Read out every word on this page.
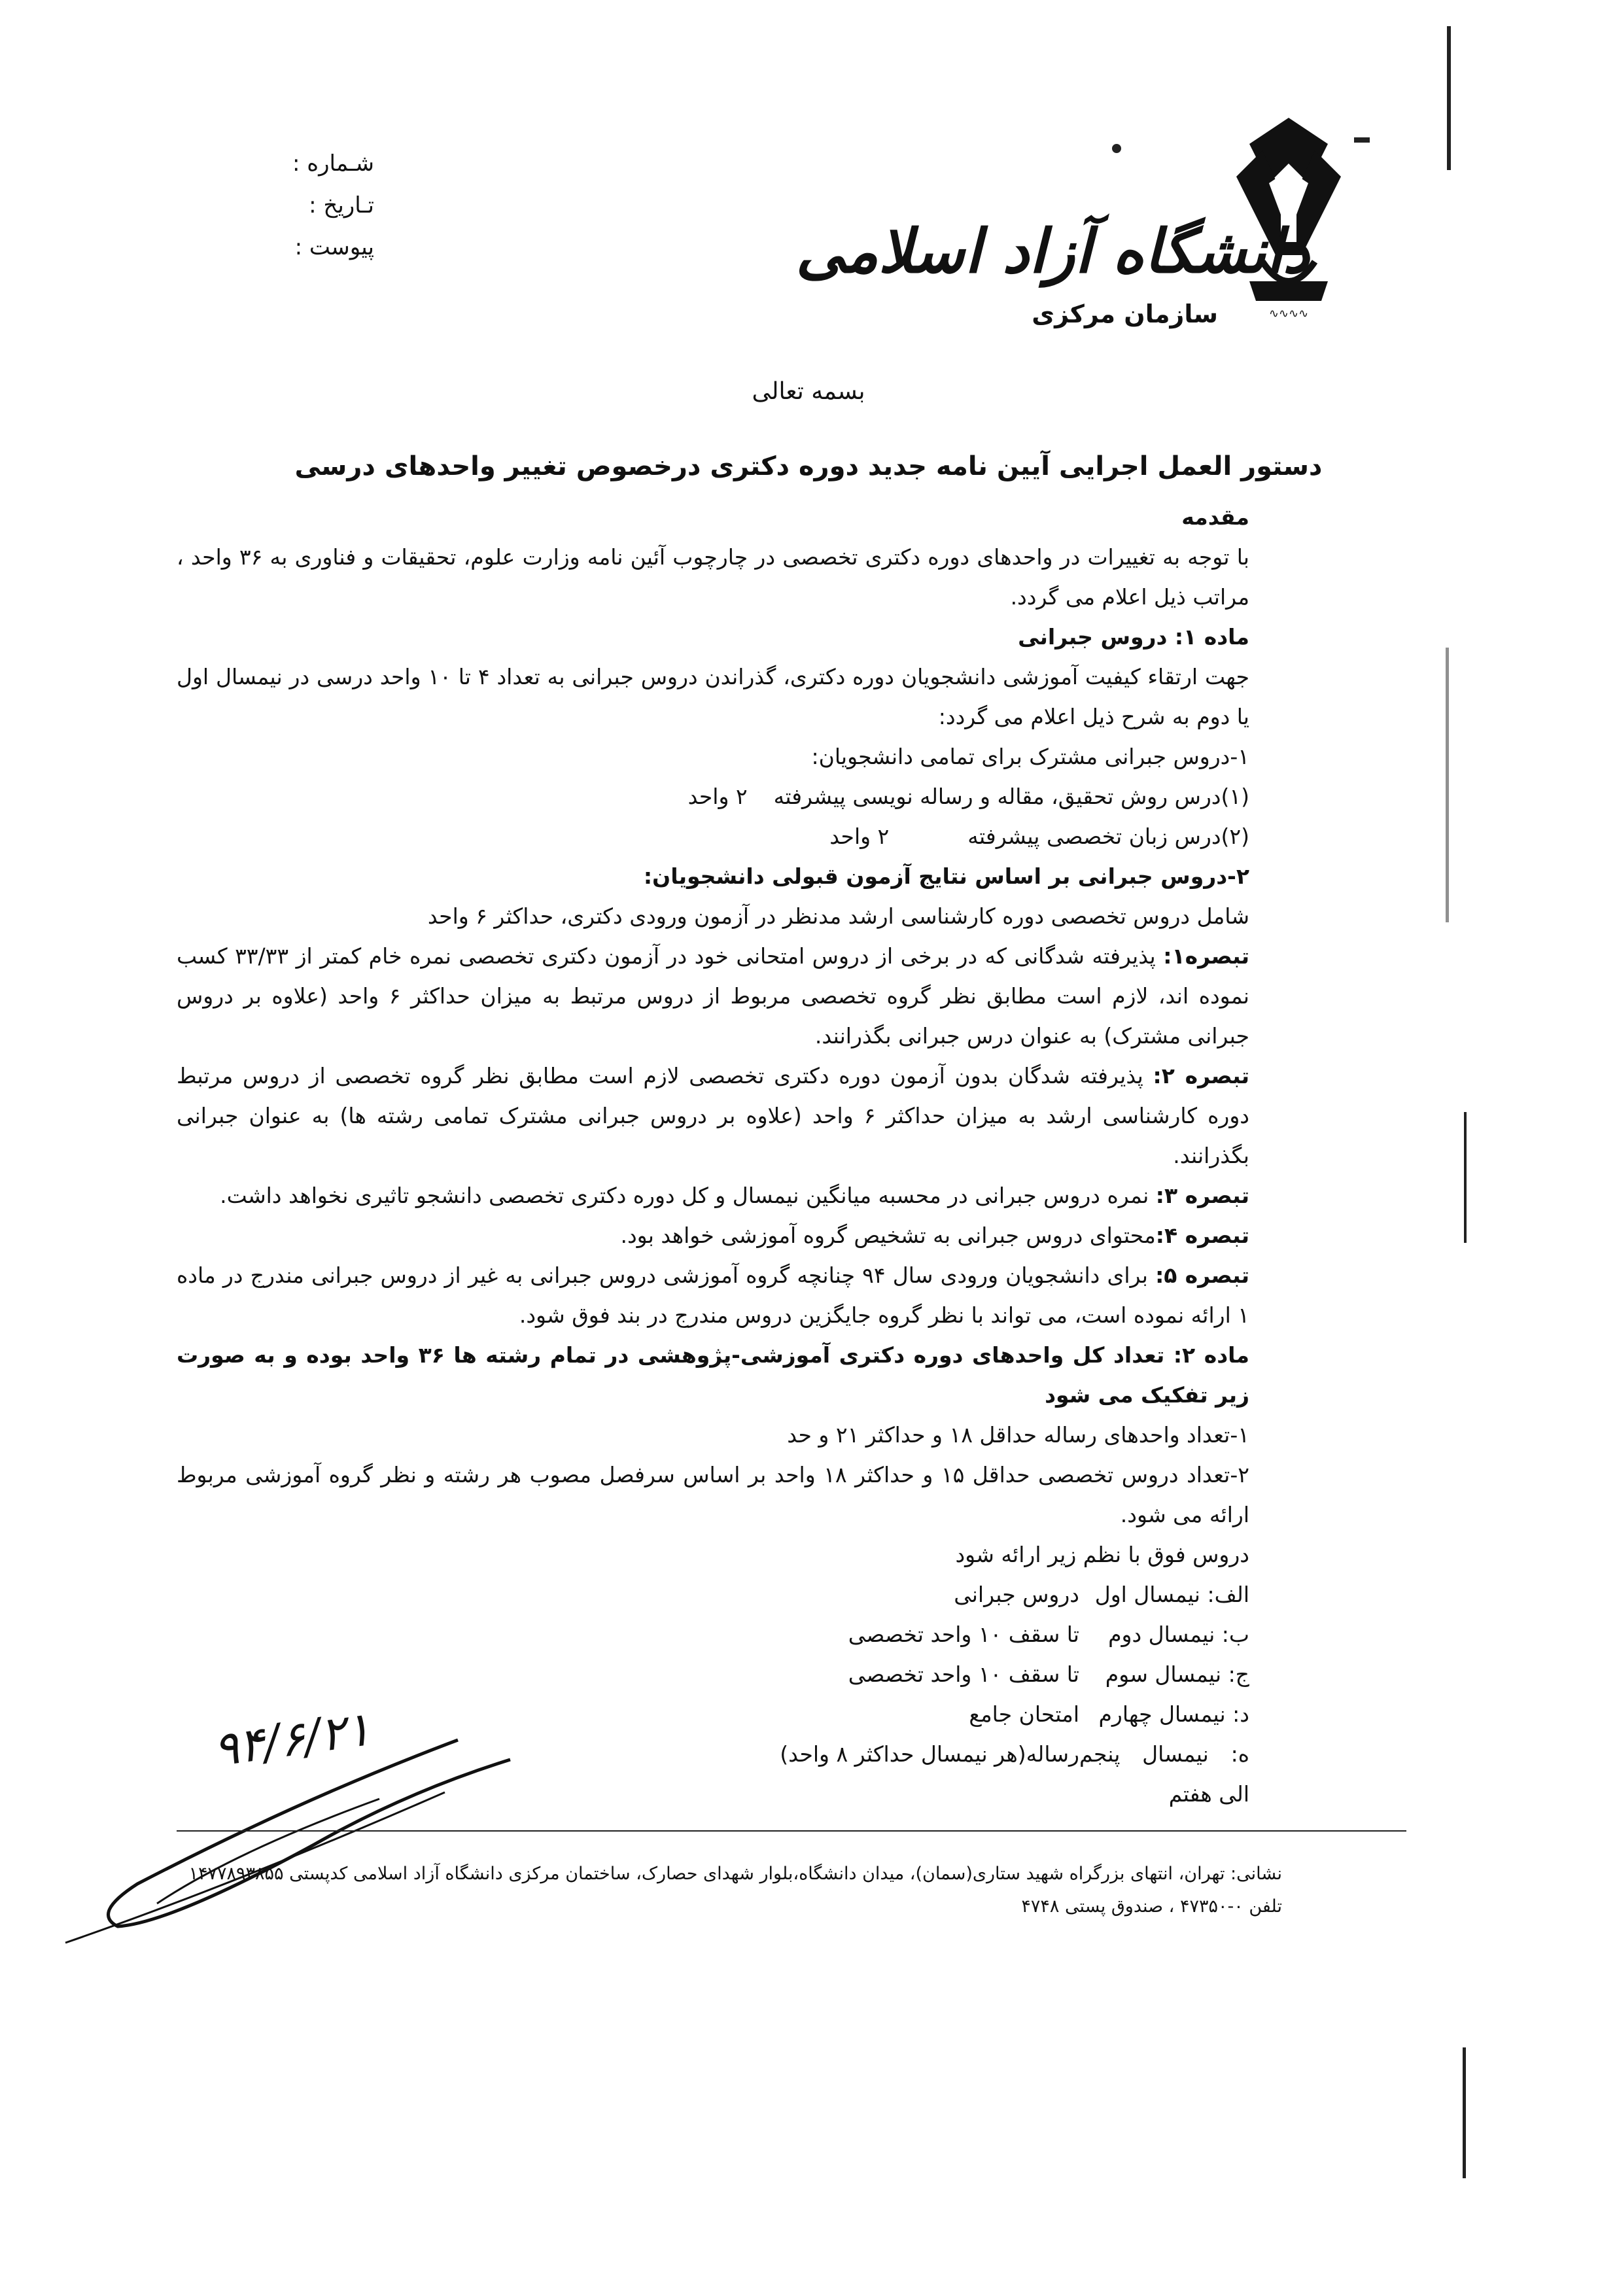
∿∿∿∿
دانشگاه آزاد اسلامی
سازمان مرکزی
شـماره :
تـاریخ :
پیوست :
بسمه تعالی
دستور العمل اجرایی آیین نامه جدید دوره دکتری درخصوص تغییر واحدهای درسی

مقدمه

با توجه به تغییرات در واحدهای دوره دکتری تخصصی در چارچوب آئین نامه وزارت علوم، تحقیقات و فناوری به ۳۶ واحد ، مراتب ذیل اعلام می گردد.

ماده ۱: دروس جبرانی

جهت ارتقاء کیفیت آموزشی دانشجویان دوره دکتری، گذراندن دروس جبرانی به تعداد ۴ تا ۱۰ واحد درسی در نیمسال اول یا دوم به شرح ذیل اعلام می گردد:

۱-دروس جبرانی مشترک برای تمامی دانشجویان:

(۱)درس روش تحقیق، مقاله و رساله نویسی پیشرفته۲ واحد

(۲)درس زبان تخصصی پیشرفته۲ واحد

۲-دروس جبرانی بر اساس نتایج آزمون قبولی دانشجویان:

شامل دروس تخصصی دوره کارشناسی ارشد مدنظر در آزمون ورودی دکتری، حداکثر ۶ واحد

تبصره۱: پذیرفته شدگانی که در برخی از دروس امتحانی خود در آزمون دکتری تخصصی نمره خام کمتر از ۳۳/۳۳ کسب نموده اند، لازم است مطابق نظر گروه تخصصی مربوط از دروس مرتبط به میزان حداکثر ۶ واحد (علاوه بر دروس جبرانی مشترک) به عنوان درس جبرانی بگذرانند.

تبصره ۲: پذیرفته شدگان بدون آزمون دوره دکتری تخصصی لازم است مطابق نظر گروه تخصصی از دروس مرتبط دوره کارشناسی ارشد به میزان حداکثر ۶ واحد (علاوه بر دروس جبرانی مشترک تمامی رشته ها) به عنوان جبرانی بگذرانند.

تبصره ۳: نمره دروس جبرانی در محسبه میانگین نیمسال و کل دوره دکتری تخصصی دانشجو تاثیری نخواهد داشت.

تبصره ۴:محتوای دروس جبرانی به تشخیص گروه آموزشی خواهد بود.

تبصره ۵: برای دانشجویان ورودی سال ۹۴ چنانچه گروه آموزشی دروس جبرانی به غیر از دروس جبرانی مندرج در ماده ۱ ارائه نموده است، می تواند با نظر گروه جایگزین دروس مندرج در بند فوق شود.

ماده ۲: تعداد کل واحدهای دوره دکتری آموزشی-پژوهشی در تمام رشته ها ۳۶ واحد بوده و به صورت زیر تفکیک می شود

۱-تعداد واحدهای رساله حداقل ۱۸ و حداکثر ۲۱ و حد

۲-تعداد دروس تخصصی حداقل ۱۵ و حداکثر ۱۸ واحد بر اساس سرفصل مصوب هر رشته و نظر گروه آموزشی مربوط ارائه می شود.

دروس فوق با نظم زیر ارائه شود

الف: نیمسال اول
دروس جبرانی
ب: نیمسال دوم
تا سقف ۱۰ واحد تخصصی
ج: نیمسال سوم
تا سقف ۱۰ واحد تخصصی
د: نیمسال چهارم
امتحان جامع
ه: نیمسال پنجم الی هفتم
رساله(هر نیمسال حداکثر ۸ واحد)
۹۴/۶/۲۱
نشانی: تهران، انتهای بزرگراه شهید ستاری(سمان)، میدان دانشگاه،بلوار شهدای حصارک، ساختمان مرکزی دانشگاه آزاد اسلامی کدپستی ۱۴۷۷۸۹۳۸۵۵
تلفن ۰-۴۷۳۵۰ ، صندوق پستی ۴۷۴۸
